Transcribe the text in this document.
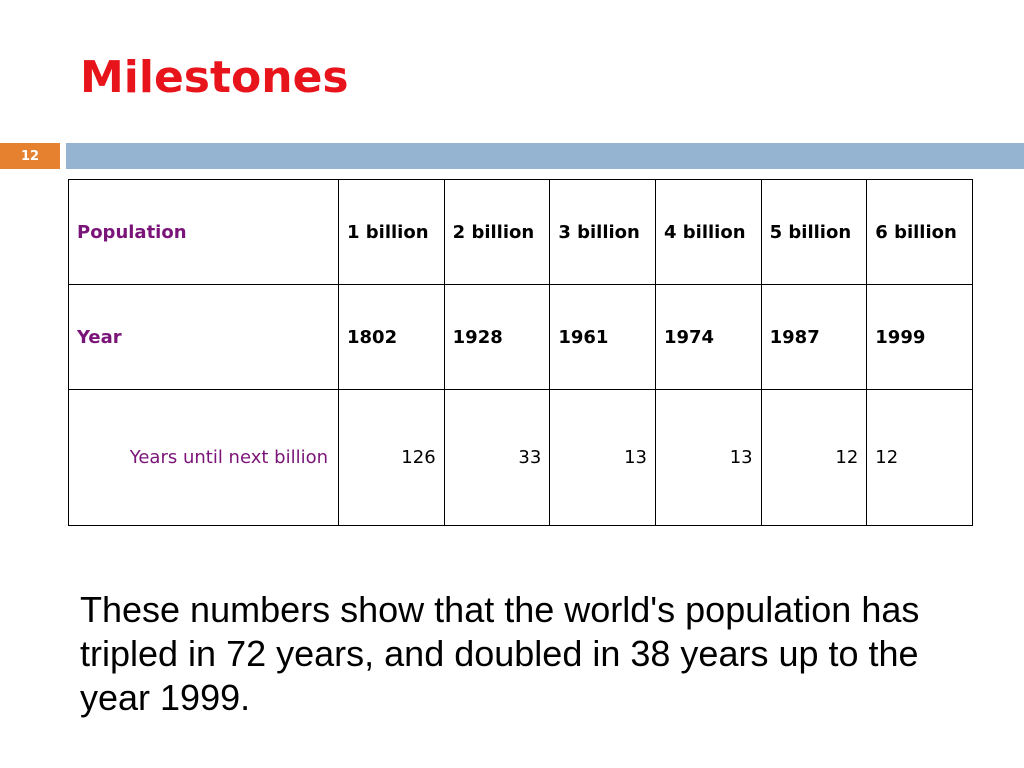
Milestones
12
Population	1 billion	2 billion	3 billion	4 billion	5 billion	6 billion
Year	1802	1928	1961	1974	1987	1999
Years until next billion	126	33	13	13	12	12

These numbers show that the world's population has tripled in 72 years, and doubled in 38 years up to the year 1999.
